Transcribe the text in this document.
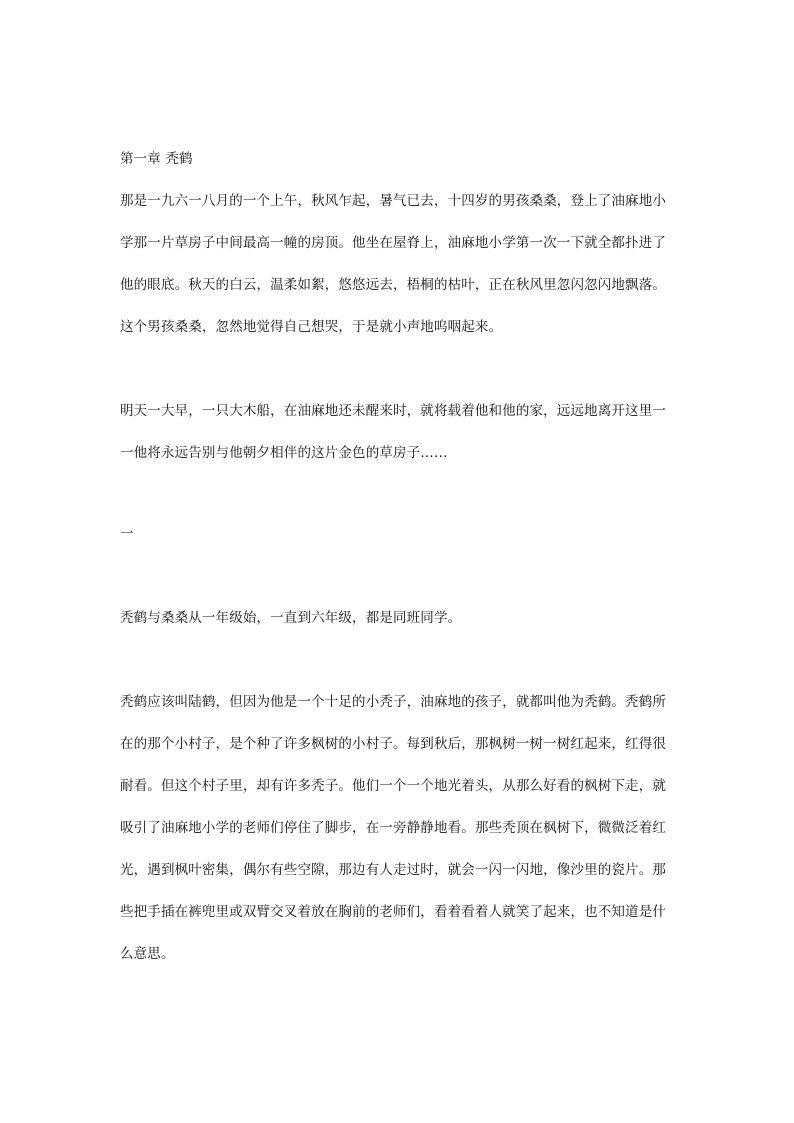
第一章 秃鹤
那是一九六一八月的一个上午，秋风乍起，暑气已去，十四岁的男孩桑桑，登上了油麻地小
学那一片草房子中间最高一幢的房顶。他坐在屋脊上，油麻地小学第一次一下就全都扑进了
他的眼底。秋天的白云，温柔如絮，悠悠远去，梧桐的枯叶，正在秋风里忽闪忽闪地飘落。
这个男孩桑桑，忽然地觉得自己想哭，于是就小声地呜咽起来。
明天一大早，一只大木船，在油麻地还未醒来时，就将载着他和他的家，远远地离开这里一
一他将永远告别与他朝夕相伴的这片金色的草房子……
一
秃鹤与桑桑从一年级始，一直到六年级，都是同班同学。
秃鹤应该叫陆鹤，但因为他是一个十足的小秃子，油麻地的孩子，就都叫他为秃鹤。秃鹤所
在的那个小村子，是个种了许多枫树的小村子。每到秋后，那枫树一树一树红起来，红得很
耐看。但这个村子里，却有许多秃子。他们一个一个地光着头，从那么好看的枫树下走，就
吸引了油麻地小学的老师们停住了脚步，在一旁静静地看。那些秃顶在枫树下，微微泛着红
光，遇到枫叶密集，偶尔有些空隙，那边有人走过时，就会一闪一闪地，像沙里的瓷片。那
些把手插在裤兜里或双臂交叉着放在胸前的老师们，看着看着人就笑了起来，也不知道是什
么意思。
